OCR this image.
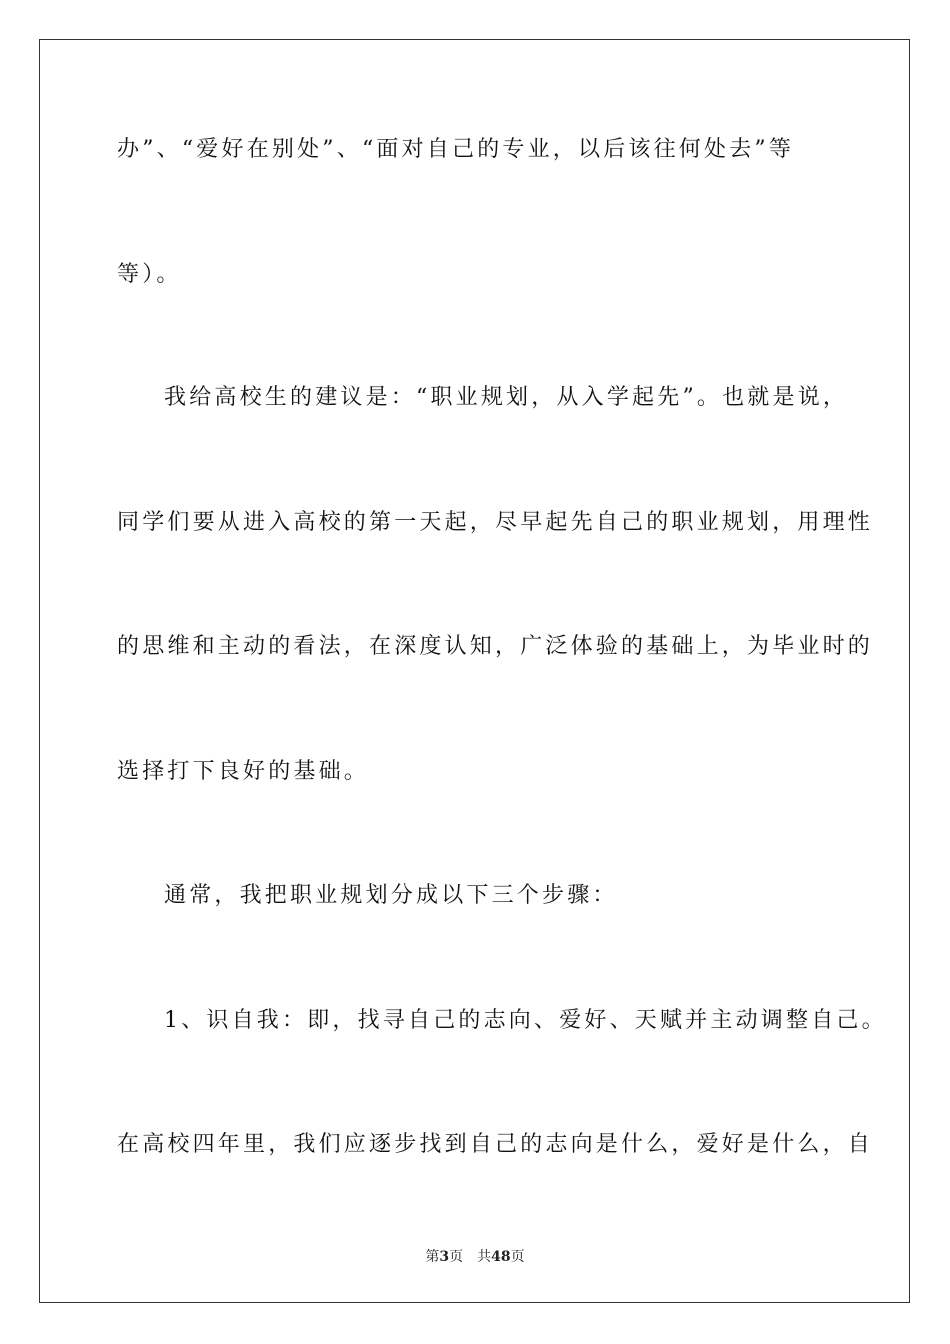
办”、“爱好在别处”、“面对自己的专业，以后该往何处去”等
等）。
我给高校生的建议是：“职业规划，从入学起先”。也就是说，
同学们要从进入高校的第一天起，尽早起先自己的职业规划，用理性
的思维和主动的看法，在深度认知，广泛体验的基础上，为毕业时的
选择打下良好的基础。
通常，我把职业规划分成以下三个步骤：
1、识自我：即，找寻自己的志向、爱好、天赋并主动调整自己。
在高校四年里，我们应逐步找到自己的志向是什么，爱好是什么，自
第3页 共48页
